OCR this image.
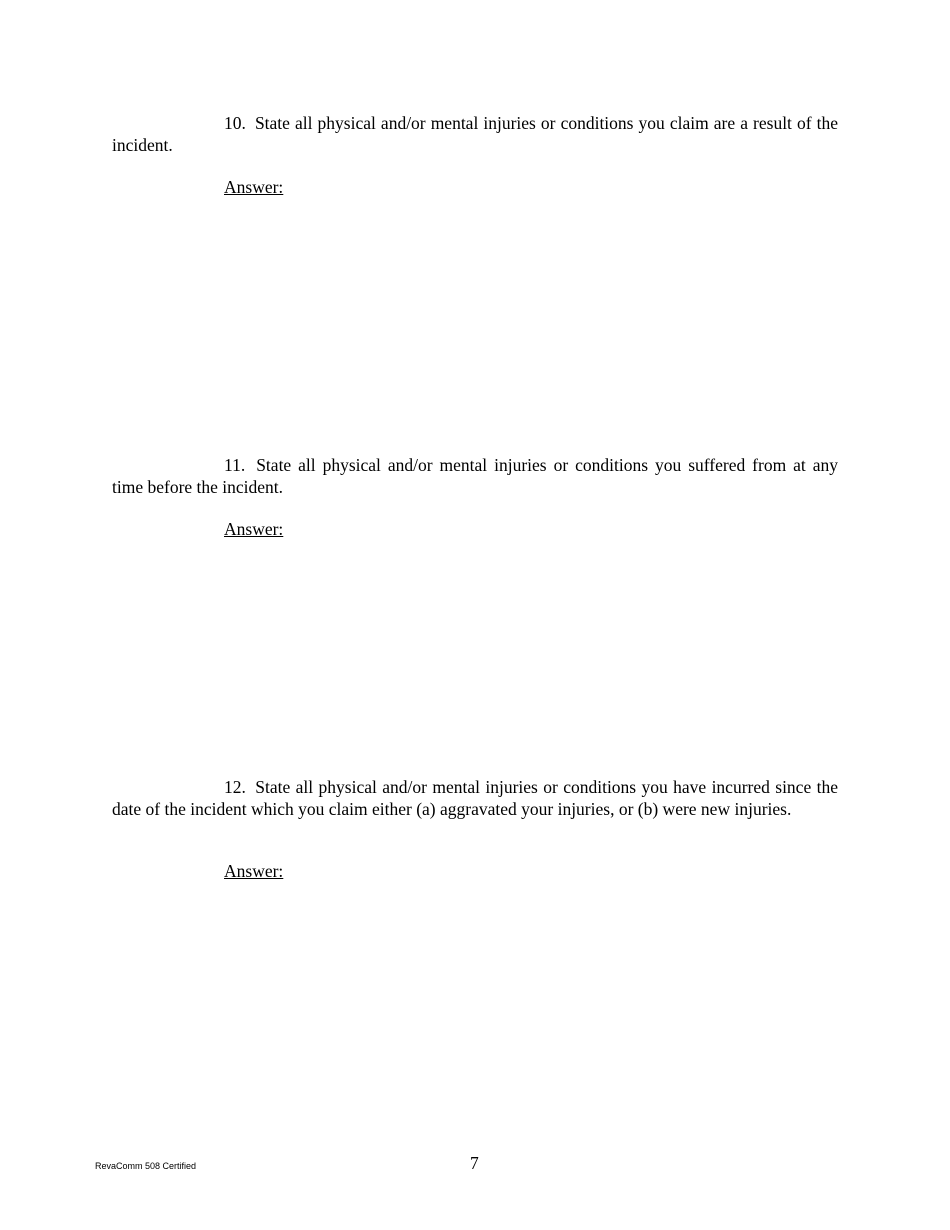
10. State all physical and/or mental injuries or conditions you claim are a result of the incident.

Answer:

11. State all physical and/or mental injuries or conditions you suffered from at any time before the incident.

Answer:

12. State all physical and/or mental injuries or conditions you have incurred since the date of the incident which you claim either (a) aggravated your injuries, or (b) were new injuries.

Answer:

RevaComm 508 Certified	7
